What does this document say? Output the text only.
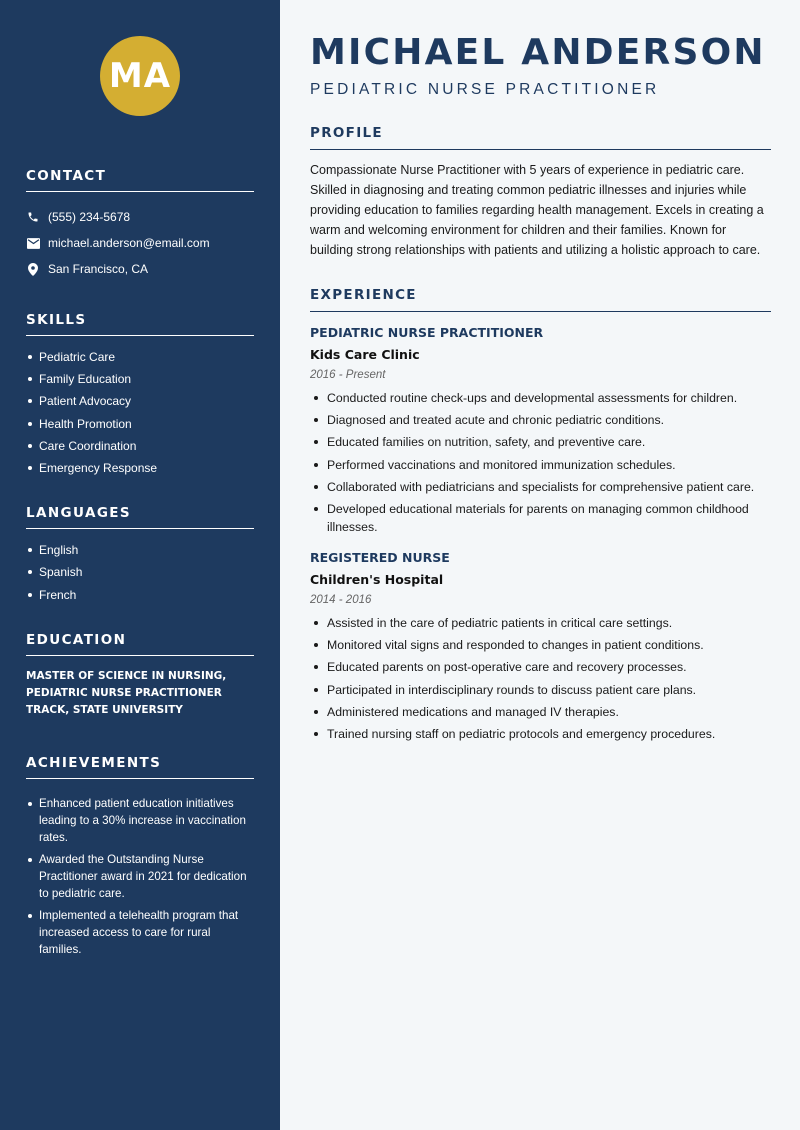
MA
CONTACT
(555) 234-5678
michael.anderson@email.com
San Francisco, CA
SKILLS
Pediatric Care
Family Education
Patient Advocacy
Health Promotion
Care Coordination
Emergency Response
LANGUAGES
English
Spanish
French
EDUCATION

MASTER OF SCIENCE IN NURSING, PEDIATRIC NURSE PRACTITIONER TRACK, STATE UNIVERSITY

ACHIEVEMENTS
Enhanced patient education initiatives leading to a 30% increase in vaccination rates.
Awarded the Outstanding Nurse Practitioner award in 2021 for dedication to pediatric care.
Implemented a telehealth program that increased access to care for rural families.
MICHAEL ANDERSON

PEDIATRIC NURSE PRACTITIONER

PROFILE

Compassionate Nurse Practitioner with 5 years of experience in pediatric care. Skilled in diagnosing and treating common pediatric illnesses and injuries while providing education to families regarding health management. Excels in creating a warm and welcoming environment for children and their families. Known for building strong relationships with patients and utilizing a holistic approach to care.

EXPERIENCE
PEDIATRIC NURSE PRACTITIONER

Kids Care Clinic

2016 - Present

Conducted routine check-ups and developmental assessments for children.
Diagnosed and treated acute and chronic pediatric conditions.
Educated families on nutrition, safety, and preventive care.
Performed vaccinations and monitored immunization schedules.
Collaborated with pediatricians and specialists for comprehensive patient care.
Developed educational materials for parents on managing common childhood illnesses.
REGISTERED NURSE

Children's Hospital

2014 - 2016

Assisted in the care of pediatric patients in critical care settings.
Monitored vital signs and responded to changes in patient conditions.
Educated parents on post-operative care and recovery processes.
Participated in interdisciplinary rounds to discuss patient care plans.
Administered medications and managed IV therapies.
Trained nursing staff on pediatric protocols and emergency procedures.
